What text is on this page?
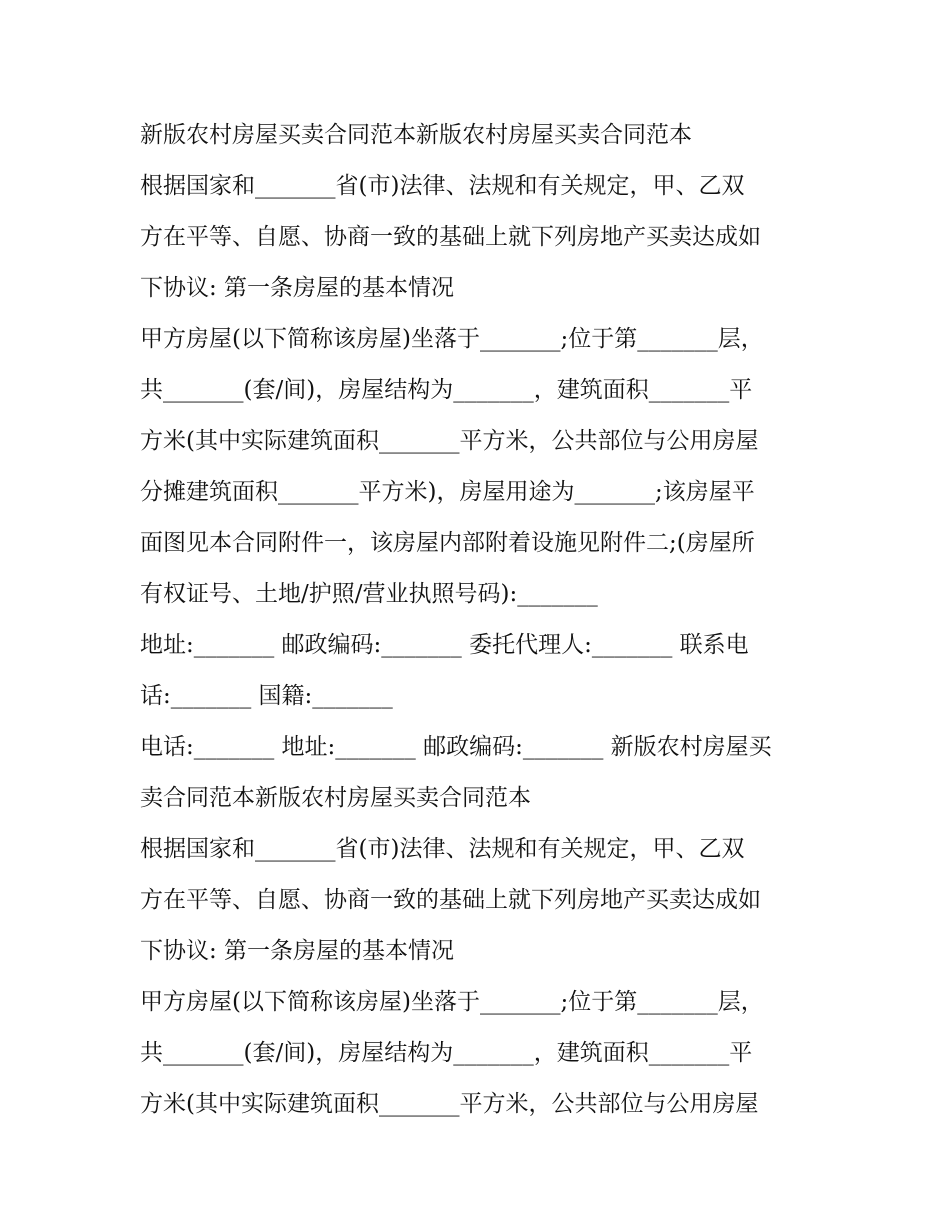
新版农村房屋买卖合同范本新版农村房屋买卖合同范本
根据国家和_______省(市)法律、法规和有关规定，甲、乙双
方在平等、自愿、协商一致的基础上就下列房地产买卖达成如
下协议: 第一条房屋的基本情况
甲方房屋(以下简称该房屋)坐落于_______;位于第_______层，
共_______(套/间)，房屋结构为_______，建筑面积_______平
方米(其中实际建筑面积_______平方米，公共部位与公用房屋
分摊建筑面积_______平方米)，房屋用途为_______;该房屋平
面图见本合同附件一，该房屋内部附着设施见附件二;(房屋所
有权证号、土地/护照/营业执照号码):_______
地址:_______ 邮政编码:_______ 委托代理人:_______ 联系电
话:_______ 国籍:_______
电话:_______ 地址:_______ 邮政编码:_______ 新版农村房屋买
卖合同范本新版农村房屋买卖合同范本
根据国家和_______省(市)法律、法规和有关规定，甲、乙双
方在平等、自愿、协商一致的基础上就下列房地产买卖达成如
下协议: 第一条房屋的基本情况
甲方房屋(以下简称该房屋)坐落于_______;位于第_______层，
共_______(套/间)，房屋结构为_______，建筑面积_______平
方米(其中实际建筑面积_______平方米，公共部位与公用房屋
